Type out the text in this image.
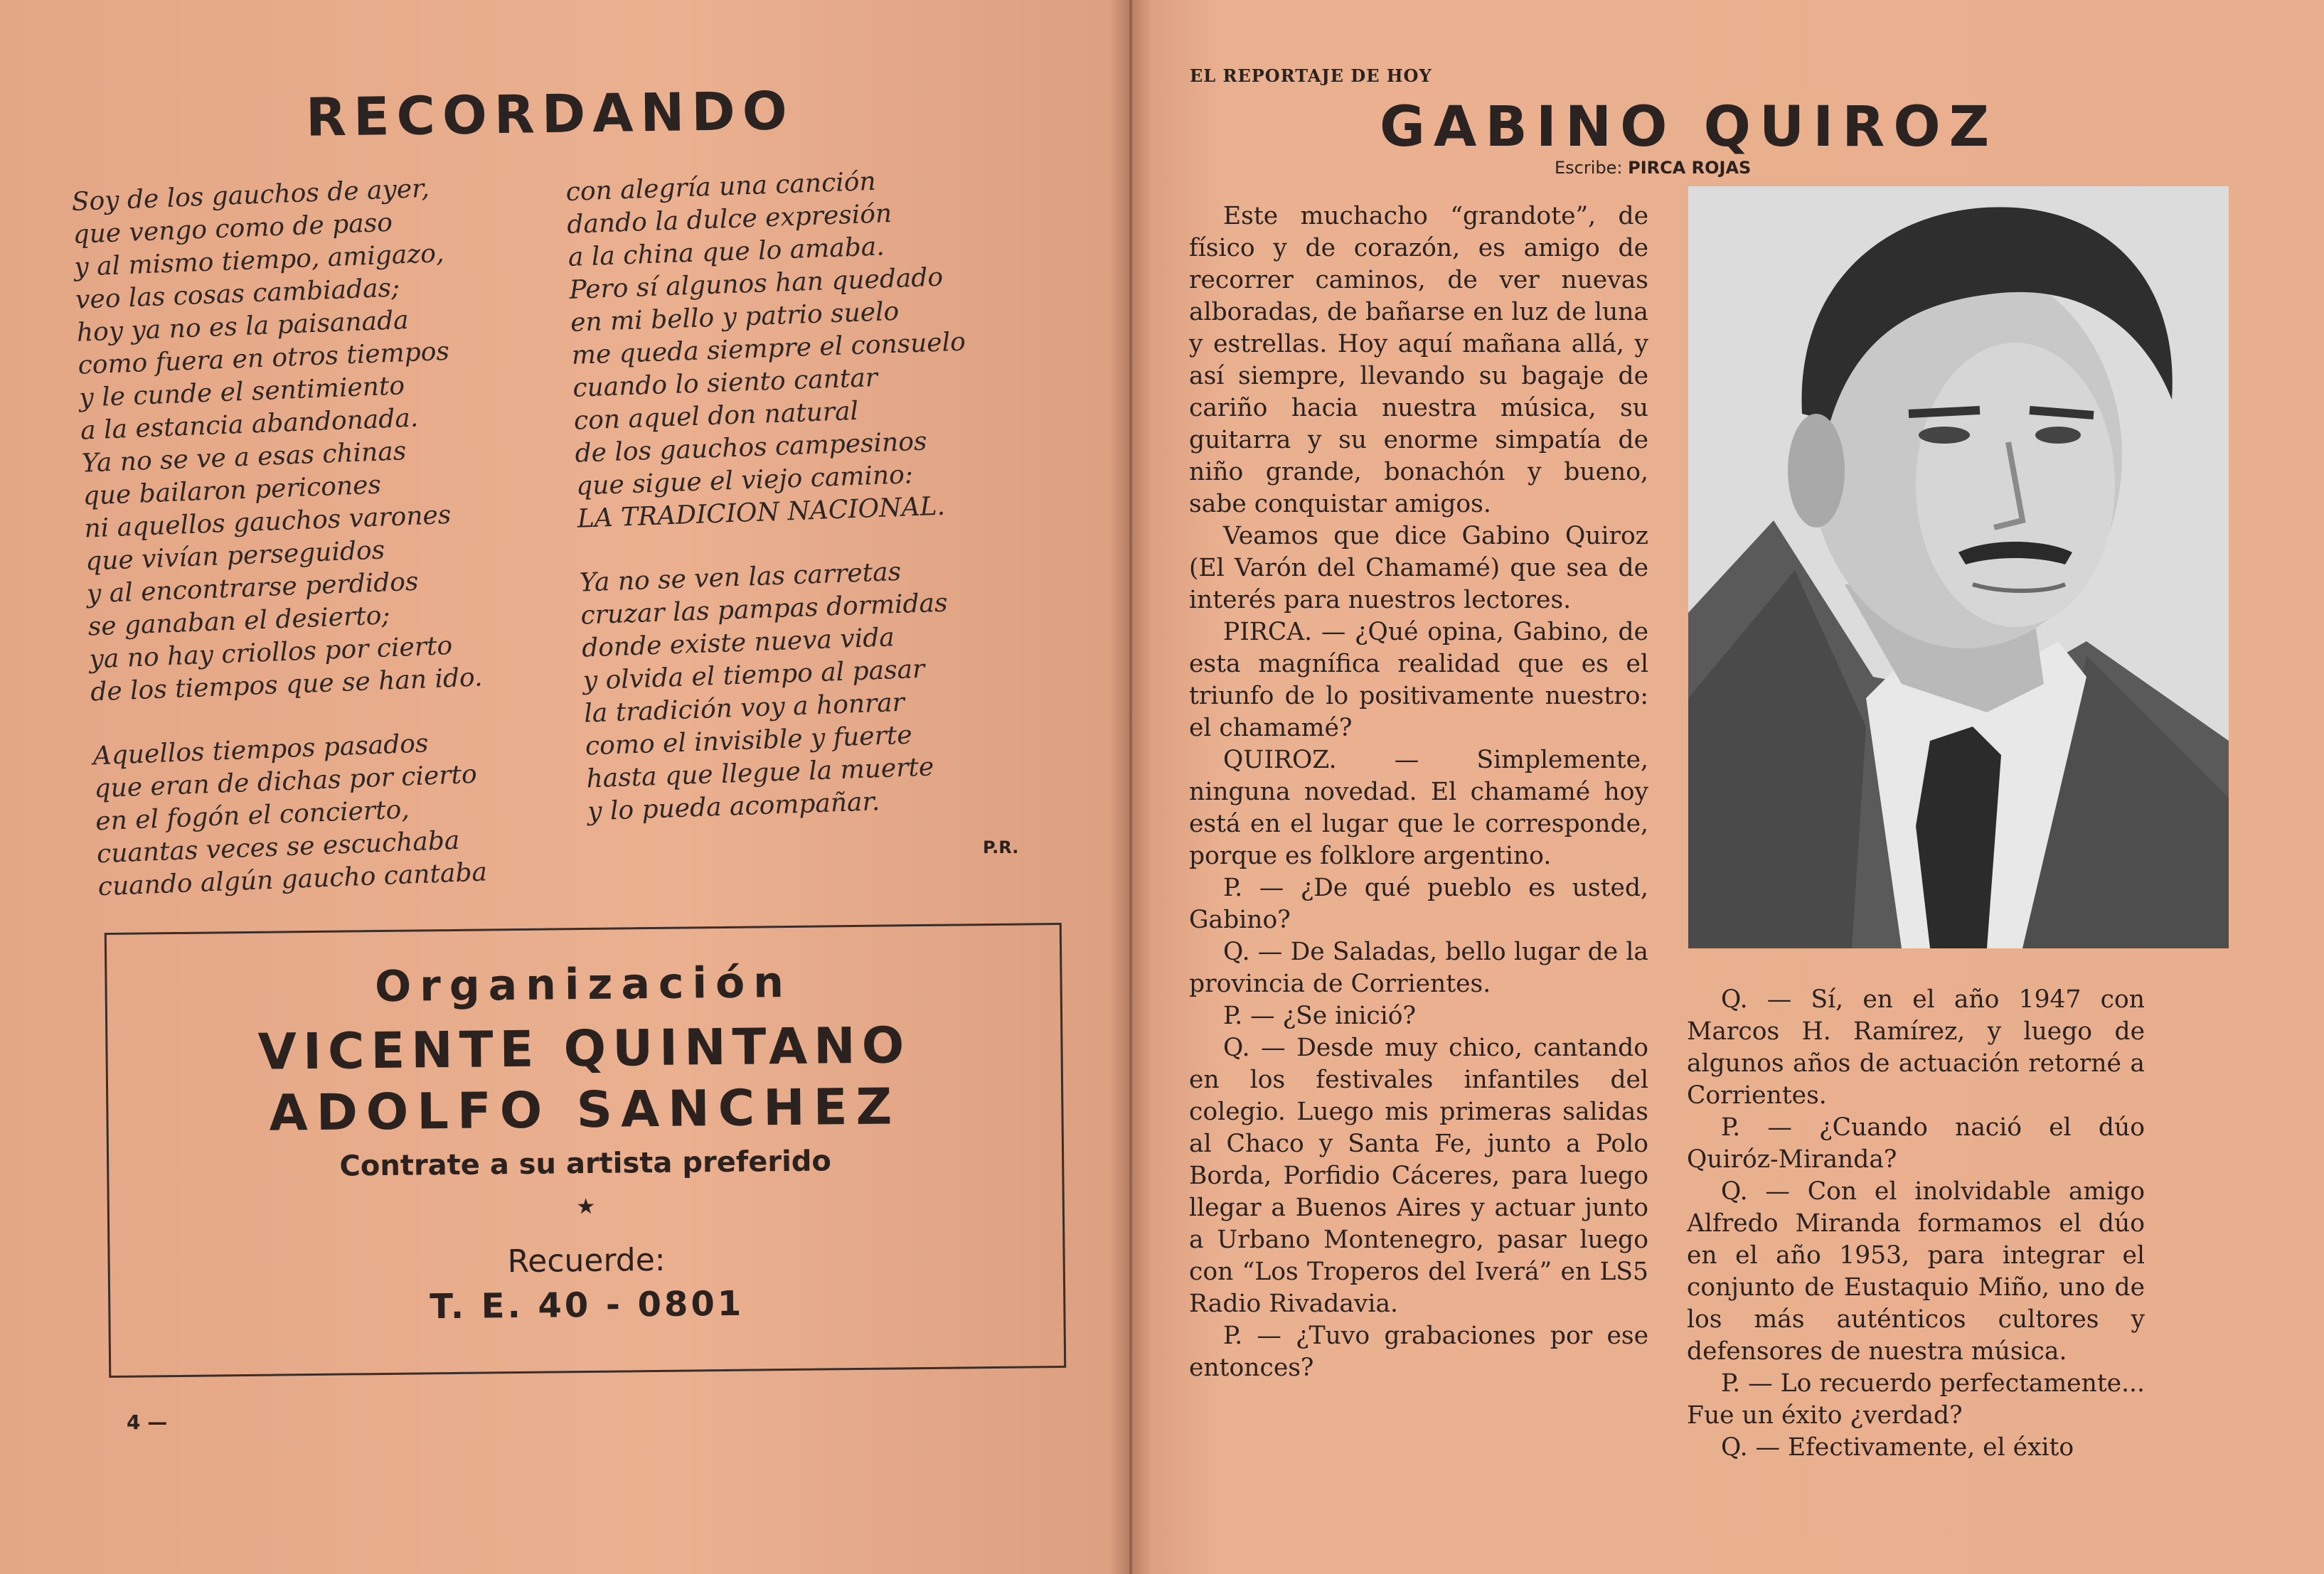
RECORDANDO

Soy de los gauchos de ayer,

que vengo como de paso

y al mismo tiempo, amigazo,

veo las cosas cambiadas;

hoy ya no es la paisanada

como fuera en otros tiempos

y le cunde el sentimiento

a la estancia abandonada.

Ya no se ve a esas chinas

que bailaron pericones

ni aquellos gauchos varones

que vivían perseguidos

y al encontrarse perdidos

se ganaban el desierto;

ya no hay criollos por cierto

de los tiempos que se han ido.

Aquellos tiempos pasados

que eran de dichas por cierto

en el fogón el concierto,

cuantas veces se escuchaba

cuando algún gaucho cantaba

con alegría una canción

dando la dulce expresión

a la china que lo amaba.

Pero sí algunos han quedado

en mi bello y patrio suelo

me queda siempre el consuelo

cuando lo siento cantar

con aquel don natural

de los gauchos campesinos

que sigue el viejo camino:

LA TRADICION NACIONAL.

Ya no se ven las carretas

cruzar las pampas dormidas

donde existe nueva vida

y olvida el tiempo al pasar

la tradición voy a honrar

como el invisible y fuerte

hasta que llegue la muerte

y lo pueda acompañar.

P.R.
Organización
VICENTE QUINTANO
ADOLFO SANCHEZ
Contrate a su artista preferido
★
Recuerde:
T. E. 40 - 0801
4 —
EL REPORTAJE DE HOY
GABINO QUIROZ
Escribe: PIRCA ROJAS

Este muchacho “grandote”, de físico y de corazón, es amigo de recorrer caminos, de ver nuevas alboradas, de bañarse en luz de luna y estrellas. Hoy aquí mañana allá, y así siempre, llevando su bagaje de cariño hacia nuestra música, su guitarra y su enorme simpatía de niño grande, bonachón y bueno, sabe conquistar amigos.

Veamos que dice Gabino Quiroz (El Varón del Chamamé) que sea de interés para nuestros lectores.

PIRCA. — ¿Qué opina, Gabino, de esta magnífica realidad que es el triunfo de lo positivamente nuestro: el chamamé?

QUIROZ. — Simplemente, ninguna novedad. El chamamé hoy está en el lugar que le corresponde, porque es folklore argentino.

P. — ¿De qué pueblo es usted, Gabino?

Q. — De Saladas, bello lugar de la provincia de Corrientes.

P. — ¿Se inició?

Q. — Desde muy chico, cantando en los festivales infantiles del colegio. Luego mis primeras salidas al Chaco y Santa Fe, junto a Polo Borda, Porfidio Cáceres, para luego llegar a Buenos Aires y actuar junto a Urbano Montenegro, pasar luego con “Los Troperos del Iverá” en LS5 Radio Rivadavia.

P. — ¿Tuvo grabaciones por ese entonces?

Q. — Sí, en el año 1947 con Marcos H. Ramírez, y luego de algunos años de actuación retorné a Corrientes.

P. — ¿Cuando nació el dúo Quiróz-Miranda?

Q. — Con el inolvidable amigo Alfredo Miranda formamos el dúo en el año 1953, para integrar el conjunto de Eustaquio Miño, uno de los más auténticos cultores y defensores de nuestra música.

P. — Lo recuerdo perfectamente... Fue un éxito ¿verdad?

Q. — Efectivamente, el éxito
